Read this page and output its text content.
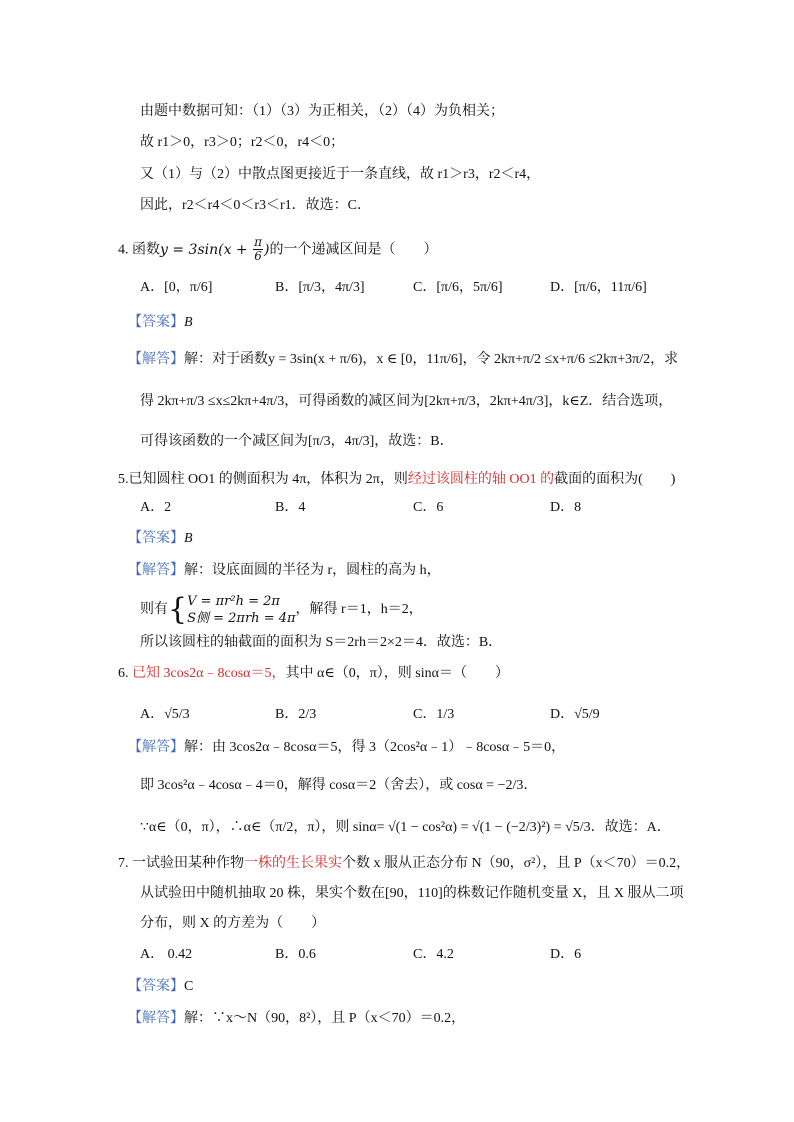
由题中数据可知：（1）（3）为正相关，（2）（4）为负相关；
故 r1＞0，r3＞0；r2＜0，r4＜0；
又（1）与（2）中散点图更接近于一条直线，故 r1＞r3，r2＜r4，
因此，r2＜r4＜0＜r3＜r1．故选：C．
4. 函数$y = 3\sin(x + \frac{\pi}{6}$ )的一个递减区间是（　　）
A．[0，π/6]	B．[π/3，4π/3]	C．[π/6，5π/6]	D．[π/6，11π/6]
【答案】B
【解答】解：对于函数y = 3sin(x + π/6)，x ∈ [0，11π/6]，令 2kπ+π/2 ≤x+π/6 ≤2kπ+3π/2，求
得 2kπ+π/3 ≤x≤2kπ+4π/3，可得函数的减区间为[2kπ+π/3，2kπ+4π/3]，k∈Z．结合选项，
可得该函数的一个减区间为[π/3，4π/3]，故选：B．
5.已知圆柱 OO1 的侧面积为 4π，体积为 2π，则经过该圆柱的轴 OO1 的截面的面积为(　　)
A．2	B．4	C．6	D．8
【答案】B
【解答】解：设底面圆的半径为 r，圆柱的高为 h，
则有{ V = πr²h = 2π
S侧 = 2πrh = 4π
，解得 r＝1，h＝2，
所以该圆柱的轴截面的面积为 S＝2rh＝2×2＝4．故选：B．
6. 已知 3cos2α﹣8cosα＝5，其中 α∈（0，π），则 sinα＝（　　）
A．√5/3	B．2/3	C．1/3	D．√5/9
【解答】解：由 3cos2α﹣8cosα＝5，得 3（2cos²α﹣1）﹣8cosα﹣5＝0，
即 3cos²α﹣4cosα﹣4＝0，解得 cosα＝2（舍去），或 cosα = −2/3．
∵α∈（0，π），∴α∈（π/2，π），则 sinα= √(1 − cos²α) = √(1 − (−2/3)²) = √5/3．故选：A．
7. 一试验田某种作物一株的生长果实个数 x 服从正态分布 N（90，σ²），且 P（x＜70）＝0.2，
从试验田中随机抽取 20 株，果实个数在[90，110]的株数记作随机变量 X，且 X 服从二项
分布，则 X 的方差为（　　）
A． 0.42	B．0.6	C．4.2	D．6
【答案】C
【解答】解：∵x～N（90，8²），且 P（x＜70）＝0.2，
